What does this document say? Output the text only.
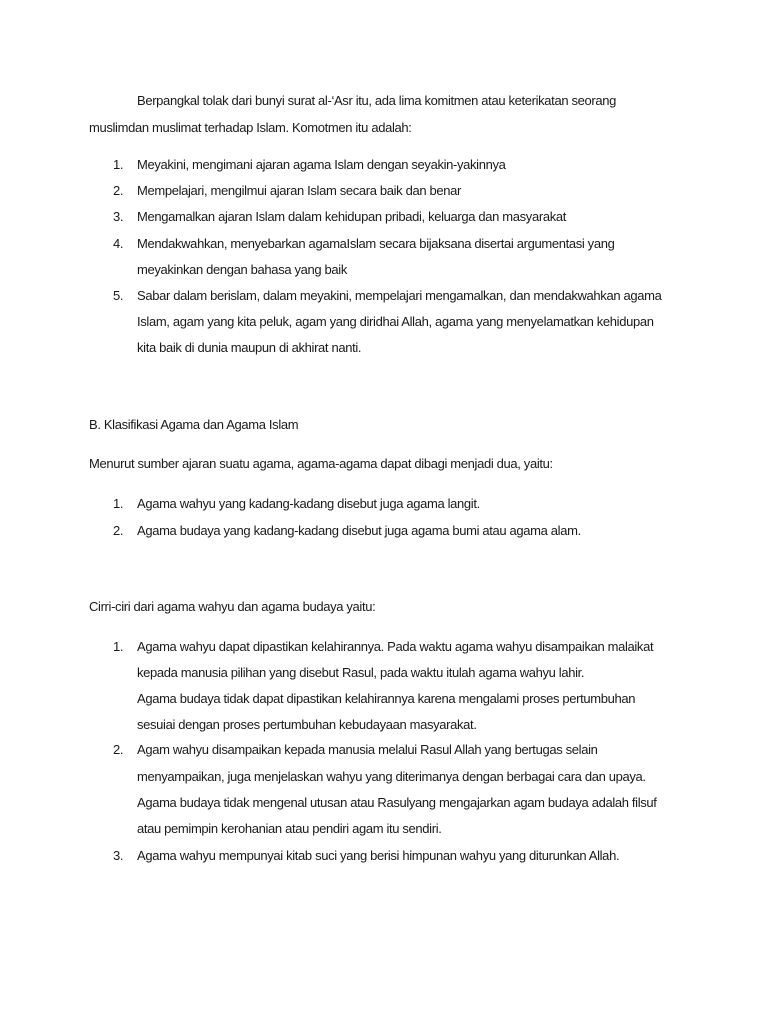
Berpangkal tolak dari bunyi surat al-‘Asr itu, ada lima komitmen atau keterikatan seorang
muslimdan muslimat terhadap Islam. Komotmen itu adalah:
1. Meyakini, mengimani ajaran agama Islam dengan seyakin-yakinnya
2. Mempelajari, mengilmui ajaran Islam secara baik dan benar
3. Mengamalkan ajaran Islam dalam kehidupan pribadi, keluarga dan masyarakat
4. Mendakwahkan, menyebarkan agamaIslam secara bijaksana disertai argumentasi yang
meyakinkan dengan bahasa yang baik
5. Sabar dalam berislam, dalam meyakini, mempelajari mengamalkan, dan mendakwahkan agama
Islam, agam yang kita peluk, agam yang diridhai Allah, agama yang menyelamatkan kehidupan
kita baik di dunia maupun di akhirat nanti.
B. Klasifikasi Agama dan Agama Islam
Menurut sumber ajaran suatu agama, agama-agama dapat dibagi menjadi dua, yaitu:
1. Agama wahyu yang kadang-kadang disebut juga agama langit.
2. Agama budaya yang kadang-kadang disebut juga agama bumi atau agama alam.
Cirri-ciri dari agama wahyu dan agama budaya yaitu:
1. Agama wahyu dapat dipastikan kelahirannya. Pada waktu agama wahyu disampaikan malaikat
kepada manusia pilihan yang disebut Rasul, pada waktu itulah agama wahyu lahir.
Agama budaya tidak dapat dipastikan kelahirannya karena mengalami proses pertumbuhan
sesuiai dengan proses pertumbuhan kebudayaan masyarakat.
2. Agam wahyu disampaikan kepada manusia melalui Rasul Allah yang bertugas selain
menyampaikan, juga menjelaskan wahyu yang diterimanya dengan berbagai cara dan upaya.
Agama budaya tidak mengenal utusan atau Rasulyang mengajarkan agam budaya adalah filsuf
atau pemimpin kerohanian atau pendiri agam itu sendiri.
3. Agama wahyu mempunyai kitab suci yang berisi himpunan wahyu yang diturunkan Allah.
